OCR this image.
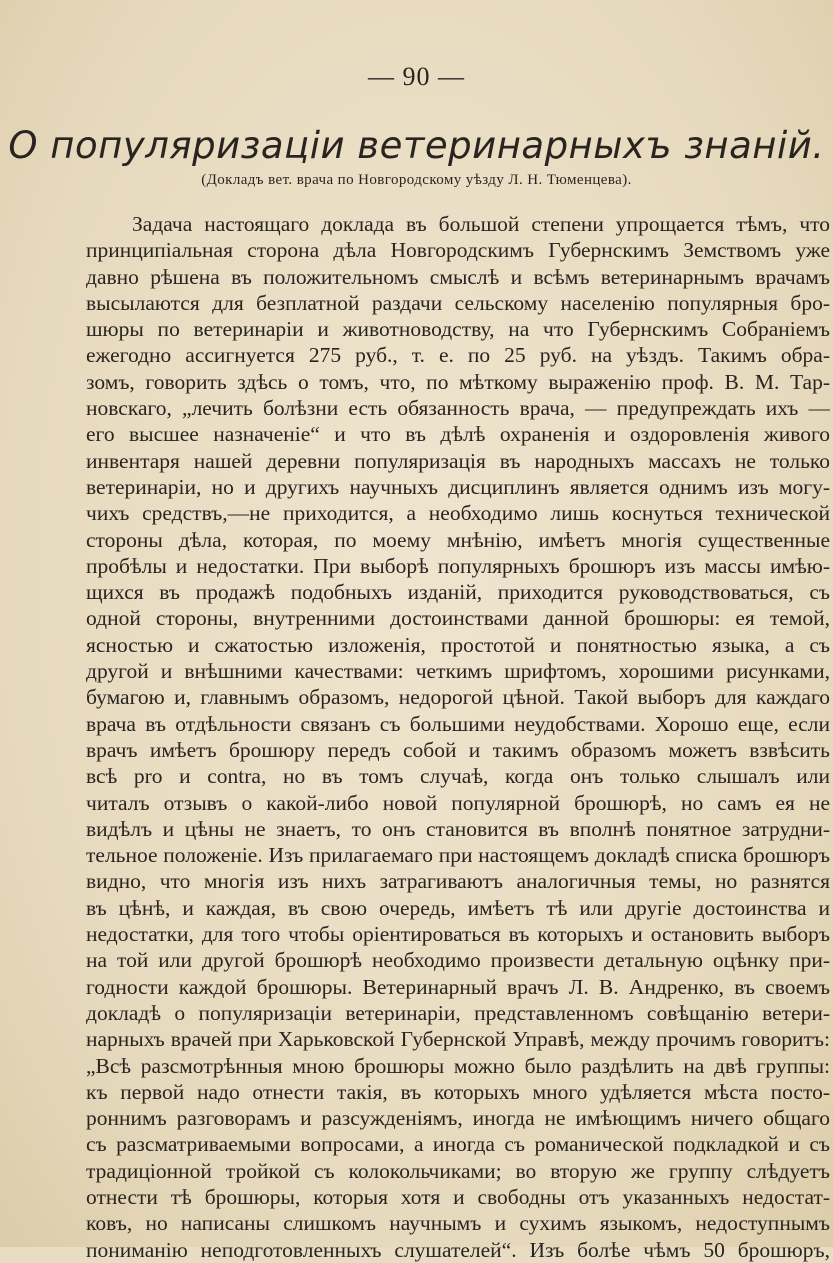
— 90 —
О популяризаціи ветеринарныхъ знаній.
(Докладъ вет. врача по Новгородскому уѣзду Л. Н. Тюменцева).
Задача настоящаго доклада въ большой степени упрощается тѣмъ, что
принципіальная сторона дѣла Новгородскимъ Губернскимъ Земствомъ уже
давно рѣшена въ положительномъ смыслѣ и всѣмъ ветеринарнымъ врачамъ
высылаются для безплатной раздачи сельскому населенію популярныя бро-
шюры по ветеринаріи и животноводству, на что Губернскимъ Собраніемъ
ежегодно ассигнуется 275 руб., т. е. по 25 руб. на уѣздъ. Такимъ обра-
зомъ, говорить здѣсь о томъ, что, по мѣткому выраженію проф. В. М. Тар-
новскаго, „лечить болѣзни есть обязанность врача, — предупреждать ихъ —
его высшее назначеніе“ и что въ дѣлѣ охраненія и оздоровленія живого
инвентаря нашей деревни популяризація въ народныхъ массахъ не только
ветеринаріи, но и другихъ научныхъ дисциплинъ является однимъ изъ могу-
чихъ средствъ,—не приходится, а необходимо лишь коснуться технической
стороны дѣла, которая, по моему мнѣнію, имѣетъ многія существенные
пробѣлы и недостатки. При выборѣ популярныхъ брошюръ изъ массы имѣю-
щихся въ продажѣ подобныхъ изданій, приходится руководствоваться, съ
одной стороны, внутренними достоинствами данной брошюры: ея темой,
ясностью и сжатостью изложенія, простотой и понятностью языка, а съ
другой и внѣшними качествами: четкимъ шрифтомъ, хорошими рисунками,
бумагою и, главнымъ образомъ, недорогой цѣной. Такой выборъ для каждаго
врача въ отдѣльности связанъ съ большими неудобствами. Хорошо еще, если
врачъ имѣетъ брошюру передъ собой и такимъ образомъ можетъ взвѣсить
всѣ pro и contra, но въ томъ случаѣ, когда онъ только слышалъ или
читалъ отзывъ о какой-либо новой популярной брошюрѣ, но самъ ея не
видѣлъ и цѣны не знаетъ, то онъ становится въ вполнѣ понятное затрудни-
тельное положеніе. Изъ прилагаемаго при настоящемъ докладѣ списка брошюръ
видно, что многія изъ нихъ затрагиваютъ аналогичныя темы, но разнятся
въ цѣнѣ, и каждая, въ свою очередь, имѣетъ тѣ или другіе достоинства и
недостатки, для того чтобы оріентироваться въ которыхъ и остановить выборъ
на той или другой брошюрѣ необходимо произвести детальную оцѣнку при-
годности каждой брошюры. Ветеринарный врачъ Л. В. Андренко, въ своемъ
докладѣ о популяризаціи ветеринаріи, представленномъ совѣщанію ветери-
нарныхъ врачей при Харьковской Губернской Управѣ, между прочимъ говоритъ:
„Всѣ разсмотрѣнныя мною брошюры можно было раздѣлить на двѣ группы:
къ первой надо отнести такія, въ которыхъ много удѣляется мѣста посто-
роннимъ разговорамъ и разсужденіямъ, иногда не имѣющимъ ничего общаго
съ разсматриваемыми вопросами, а иногда съ романической подкладкой и съ
традиціонной тройкой съ колокольчиками; во вторую же группу слѣдуетъ
отнести тѣ брошюры, которыя хотя и свободны отъ указанныхъ недостат-
ковъ, но написаны слишкомъ научнымъ и сухимъ языкомъ, недоступнымъ
пониманію неподготовленныхъ слушателей“. Изъ болѣе чѣмъ 50 брошюръ,
